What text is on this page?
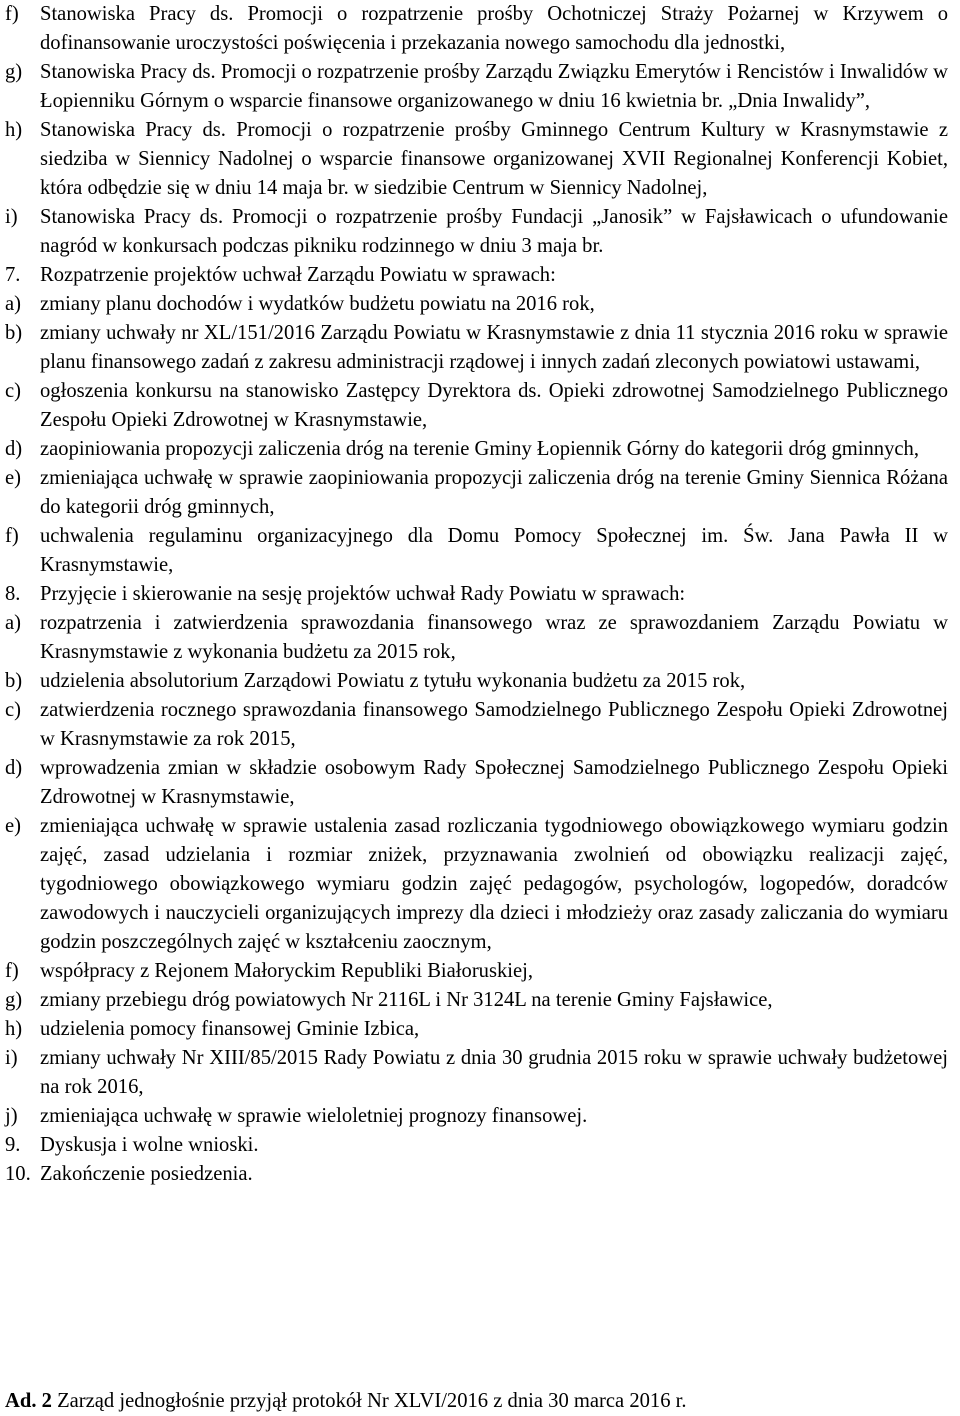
f)	Stanowiska Pracy ds. Promocji o rozpatrzenie prośby Ochotniczej Straży Pożarnej w Krzywem o dofinansowanie uroczystości poświęcenia i przekazania nowego samochodu dla jednostki,
g) Stanowiska Pracy ds. Promocji o rozpatrzenie prośby Zarządu Związku Emerytów i Rencistów i Inwalidów w Łopienniku Górnym o wsparcie finansowe organizowanego w dniu 16 kwietnia br. „Dnia Inwalidy”,
h) Stanowiska Pracy ds. Promocji o rozpatrzenie prośby Gminnego Centrum Kultury w Krasnymstawie z siedziba w Siennicy Nadolnej o wsparcie finansowe organizowanej XVII Regionalnej Konferencji Kobiet, która odbędzie się w dniu 14 maja br. w siedzibie Centrum w Siennicy Nadolnej,
i)	Stanowiska Pracy ds. Promocji o rozpatrzenie prośby Fundacji „Janosik” w Fajsławicach o ufundowanie nagród w konkursach podczas pikniku rodzinnego w dniu 3 maja br.
7. Rozpatrzenie projektów uchwał Zarządu Powiatu w sprawach:
a) zmiany planu dochodów i wydatków budżetu powiatu na 2016 rok,
b) zmiany uchwały nr XL/151/2016 Zarządu Powiatu w Krasnymstawie z dnia 11 stycznia 2016 roku w sprawie planu finansowego zadań z zakresu administracji rządowej i innych zadań zleconych powiatowi ustawami,
c) ogłoszenia konkursu na stanowisko Zastępcy Dyrektora ds. Opieki zdrowotnej Samodzielnego Publicznego Zespołu Opieki Zdrowotnej w Krasnymstawie,
d) zaopiniowania propozycji zaliczenia dróg na terenie Gminy Łopiennik Górny do kategorii dróg gminnych,
e) zmieniająca uchwałę w sprawie zaopiniowania propozycji zaliczenia dróg na terenie Gminy Siennica Różana do kategorii dróg gminnych,
f)	uchwalenia regulaminu organizacyjnego dla Domu Pomocy Społecznej im. Św. Jana Pawła II w Krasnymstawie,
8. Przyjęcie i skierowanie na sesję projektów uchwał Rady Powiatu w sprawach:
a) rozpatrzenia i zatwierdzenia sprawozdania finansowego wraz ze sprawozdaniem Zarządu Powiatu w Krasnymstawie z wykonania budżetu za 2015 rok,
b) udzielenia absolutorium Zarządowi Powiatu z tytułu wykonania budżetu za 2015 rok,
c) zatwierdzenia rocznego sprawozdania finansowego Samodzielnego Publicznego Zespołu Opieki Zdrowotnej w Krasnymstawie za rok 2015,
d) wprowadzenia zmian w składzie osobowym Rady Społecznej Samodzielnego Publicznego Zespołu Opieki Zdrowotnej w Krasnymstawie,
e) zmieniająca uchwałę w sprawie ustalenia zasad rozliczania tygodniowego obowiązkowego wymiaru godzin zajęć, zasad udzielania i rozmiar zniżek, przyznawania zwolnień od obowiązku realizacji zajęć, tygodniowego obowiązkowego wymiaru godzin zajęć pedagogów, psychologów, logopedów, doradców zawodowych i nauczycieli organizujących imprezy dla dzieci i młodzieży oraz zasady zaliczania do wymiaru godzin poszczególnych zajęć w kształceniu zaocznym,
f)	współpracy z Rejonem Małoryckim Republiki Białoruskiej,
g) zmiany przebiegu dróg powiatowych Nr 2116L i Nr 3124L na terenie Gminy Fajsławice,
h) udzielenia pomocy finansowej Gminie Izbica,
i)	zmiany uchwały Nr XIII/85/2015 Rady Powiatu z dnia 30 grudnia 2015 roku w sprawie uchwały budżetowej na rok 2016,
j)	zmieniająca uchwałę w sprawie wieloletniej prognozy finansowej.
9. Dyskusja i wolne wnioski.
10. Zakończenie posiedzenia.
Ad. 2 Zarząd jednogłośnie przyjął protokół Nr XLVI/2016 z dnia 30 marca 2016 r.
